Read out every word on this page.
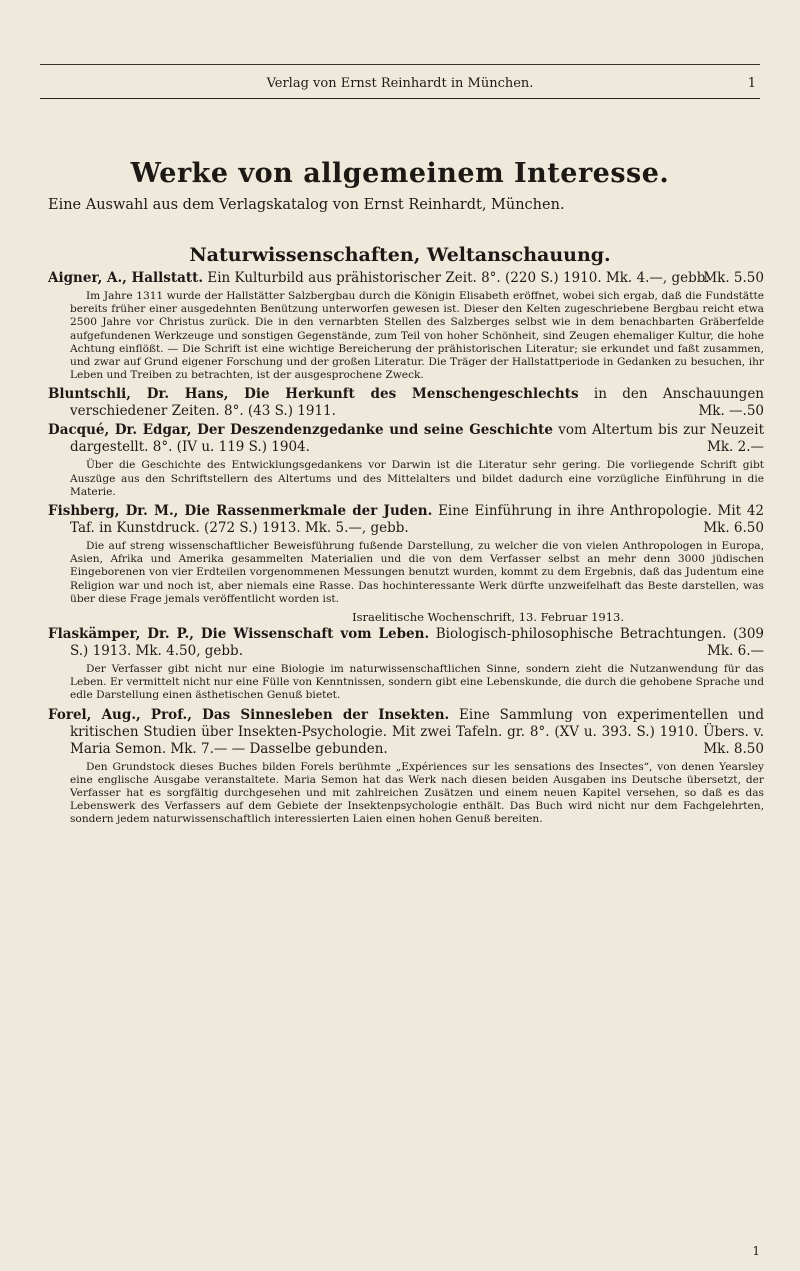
Verlag von Ernst Reinhardt in München.	1
Werke von allgemeinem Interesse.
Eine Auswahl aus dem Verlagskatalog von Ernst Reinhardt, München.
Naturwissenschaften, Weltanschauung.
Aigner, A., Hallstatt. Ein Kulturbild aus prähistorischer Zeit. 8°. (220 S.) 1910. Mk. 4.—, gebb.
Mk. 5.50
Im Jahre 1311 wurde der Hallstätter Salzbergbau durch die Königin Elisabeth eröffnet, wobei sich ergab, daß die Fundstätte bereits früher einer ausgedehnten Benützung unterworfen gewesen ist. Dieser den Kelten zugeschriebene Bergbau reicht etwa 2500 Jahre vor Christus zurück. Die in den vernarbten Stellen des Salzberges selbst wie in dem benachbarten Gräberfelde aufgefundenen Werkzeuge und sonstigen Gegenstände, zum Teil von hoher Schönheit, sind Zeugen ehemaliger Kultur, die hohe Achtung einflößt. — Die Schrift ist eine wichtige Bereicherung der prähistorischen Literatur; sie erkundet und faßt zusammen, und zwar auf Grund eigener Forschung und der großen Literatur. Die Träger der Hallstattperiode in Gedanken zu besuchen, ihr Leben und Treiben zu betrachten, ist der ausgesprochene Zweck.
Bluntschli, Dr. Hans, Die Herkunft des Menschengeschlechts in den Anschauungen verschiedener Zeiten. 8°. (43 S.) 1911.	Mk. —.50
Dacqué, Dr. Edgar, Der Deszendenzgedanke und seine Geschichte vom Altertum bis zur Neuzeit dargestellt. 8°. (IV u. 119 S.) 1904.	Mk. 2.—
Über die Geschichte des Entwicklungsgedankens vor Darwin ist die Literatur sehr gering. Die vorliegende Schrift gibt Auszüge aus den Schriftstellern des Altertums und des Mittelalters und bildet dadurch eine vorzügliche Einführung in die Materie.
Fishberg, Dr. M., Die Rassenmerkmale der Juden. Eine Einführung in ihre Anthropologie. Mit 42 Taf. in Kunstdruck. (272 S.) 1913. Mk. 5.—, gebb.	Mk. 6.50
Die auf streng wissenschaftlicher Beweisführung fußende Darstellung, zu welcher die von vielen Anthropologen in Europa, Asien, Afrika und Amerika gesammelten Materialien und die von dem Verfasser selbst an mehr denn 3000 jüdischen Eingeborenen von vier Erdteilen vorgenommenen Messungen benutzt wurden, kommt zu dem Ergebnis, daß das Judentum eine Religion war und noch ist, aber niemals eine Rasse. Das hochinteressante Werk dürfte unzweifelhaft das Beste darstellen, was über diese Frage jemals veröffentlicht worden ist.
Israelitische Wochenschrift, 13. Februar 1913.
Flaskämper, Dr. P., Die Wissenschaft vom Leben. Biologisch-philosophische Betrachtungen. (309 S.) 1913. Mk. 4.50, gebb.	Mk. 6.—
Der Verfasser gibt nicht nur eine Biologie im naturwissenschaftlichen Sinne, sondern zieht die Nutzanwendung für das Leben. Er vermittelt nicht nur eine Fülle von Kenntnissen, sondern gibt eine Lebenskunde, die durch die gehobene Sprache und edle Darstellung einen ästhetischen Genuß bietet.
Forel, Aug., Prof., Das Sinnesleben der Insekten. Eine Sammlung von experimentellen und kritischen Studien über Insekten-Psychologie. Mit zwei Tafeln. gr. 8°. (XV u. 393. S.) 1910. Übers. v. Maria Semon. Mk. 7.— — Dasselbe gebunden.	Mk. 8.50
Den Grundstock dieses Buches bilden Forels berühmte „Expériences sur les sensations des Insectes“, von denen Yearsley eine englische Ausgabe veranstaltete. Maria Semon hat das Werk nach diesen beiden Ausgaben ins Deutsche übersetzt, der Verfasser hat es sorgfältig durchgesehen und mit zahlreichen Zusätzen und einem neuen Kapitel versehen, so daß es das Lebenswerk des Verfassers auf dem Gebiete der Insektenpsychologie enthält. Das Buch wird nicht nur dem Fachgelehrten, sondern jedem naturwissenschaftlich interessierten Laien einen hohen Genuß bereiten.
1
